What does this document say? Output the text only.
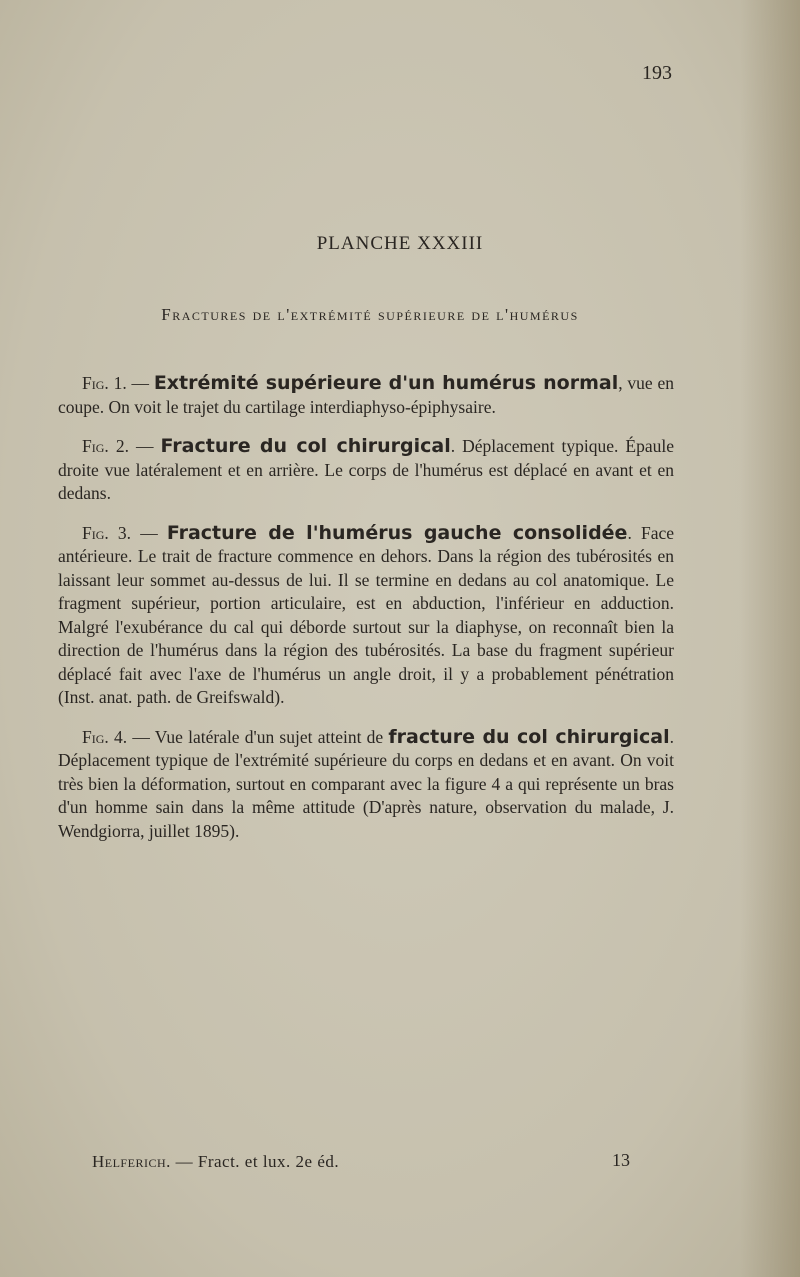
193
PLANCHE XXXIII
Fractures de l'extrémité supérieure de l'humérus

Fig. 1. — Extrémité supérieure d'un humérus normal, vue en coupe. On voit le trajet du cartilage interdiaphyso-épiphysaire.

Fig. 2. — Fracture du col chirurgical. Déplacement typique. Épaule droite vue latéralement et en arrière. Le corps de l'humérus est déplacé en avant et en dedans.

Fig. 3. — Fracture de l'humérus gauche consolidée. Face antérieure. Le trait de fracture commence en dehors. Dans la région des tubérosités en laissant leur sommet au-dessus de lui. Il se termine en dedans au col anatomique. Le fragment supérieur, portion articulaire, est en abduction, l'inférieur en adduction. Malgré l'exubérance du cal qui déborde surtout sur la diaphyse, on reconnaît bien la direction de l'humérus dans la région des tubérosités. La base du fragment supérieur déplacé fait avec l'axe de l'humérus un angle droit, il y a probablement pénétration (Inst. anat. path. de Greifswald).

Fig. 4. — Vue latérale d'un sujet atteint de fracture du col chirurgical. Déplacement typique de l'extrémité supérieure du corps en dedans et en avant. On voit très bien la déformation, surtout en comparant avec la figure 4 a qui représente un bras d'un homme sain dans la même attitude (D'après nature, observation du malade, J. Wendgiorra, juillet 1895).

Helferich. — Fract. et lux. 2e éd.	13
